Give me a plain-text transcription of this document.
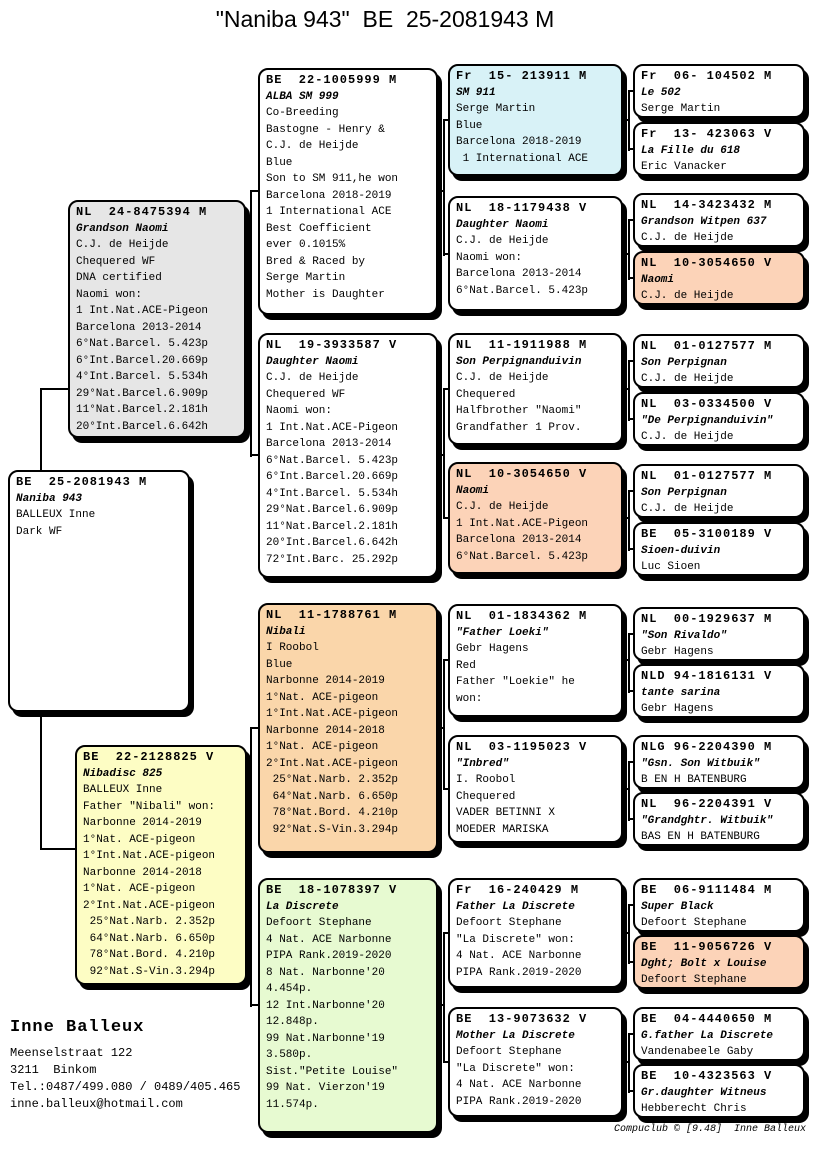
"Naniba 943"  BE  25-2081943 M
BE  25-2081943 M
Naniba 943
BALLEUX Inne
Dark WF
NL  24-8475394 M
Grandson Naomi
C.J. de Heijde
Chequered WF
DNA certified
Naomi won:
1 Int.Nat.ACE-Pigeon
Barcelona 2013-2014
6°Nat.Barcel. 5.423p
6°Int.Barcel.20.669p
4°Int.Barcel. 5.534h
29°Nat.Barcel.6.909p
11°Nat.Barcel.2.181h
20°Int.Barcel.6.642h
BE  22-2128825 V
Nibadisc 825
BALLEUX Inne
Father "Nibali" won:
Narbonne 2014-2019
1°Nat. ACE-pigeon
1°Int.Nat.ACE-pigeon
Narbonne 2014-2018
1°Nat. ACE-pigeon
2°Int.Nat.ACE-pigeon
25°Nat.Narb. 2.352p
64°Nat.Narb. 6.650p
78°Nat.Bord. 4.210p
92°Nat.S-Vin.3.294p
BE  22-1005999 M
ALBA SM 999
Co-Breeding
Bastogne - Henry &
C.J. de Heijde
Blue
Son to SM 911,he won
Barcelona 2018-2019
1 International ACE
Best Coefficient
ever 0.1015%
Bred & Raced by
Serge Martin
Mother is Daughter
NL  19-3933587 V
Daughter Naomi
C.J. de Heijde
Chequered WF
Naomi won:
1 Int.Nat.ACE-Pigeon
Barcelona 2013-2014
6°Nat.Barcel. 5.423p
6°Int.Barcel.20.669p
4°Int.Barcel. 5.534h
29°Nat.Barcel.6.909p
11°Nat.Barcel.2.181h
20°Int.Barcel.6.642h
72°Int.Barc. 25.292p
NL  11-1788761 M
Nibali
I Roobol
Blue
Narbonne 2014-2019
1°Nat. ACE-pigeon
1°Int.Nat.ACE-pigeon
Narbonne 2014-2018
1°Nat. ACE-pigeon
2°Int.Nat.ACE-pigeon
25°Nat.Narb. 2.352p
64°Nat.Narb. 6.650p
78°Nat.Bord. 4.210p
92°Nat.S-Vin.3.294p
BE  18-1078397 V
La Discrete
Defoort Stephane
4 Nat. ACE Narbonne
PIPA Rank.2019-2020
8 Nat. Narbonne'20
4.454p.
12 Int.Narbonne'20
12.848p.
99 Nat.Narbonne'19
3.580p.
Sist."Petite Louise"
99 Nat. Vierzon'19
11.574p.
Fr  15- 213911 M
SM 911
Serge Martin
Blue
Barcelona 2018-2019
1 International ACE
NL  18-1179438 V
Daughter Naomi
C.J. de Heijde
Naomi won:
Barcelona 2013-2014
6°Nat.Barcel. 5.423p
NL  11-1911988 M
Son Perpignanduivin
C.J. de Heijde
Chequered
Halfbrother "Naomi"
Grandfather 1 Prov.
NL  10-3054650 V
Naomi
C.J. de Heijde
1 Int.Nat.ACE-Pigeon
Barcelona 2013-2014
6°Nat.Barcel. 5.423p
NL  01-1834362 M
"Father Loeki"
Gebr Hagens
Red
Father "Loekie" he
won:
NL  03-1195023 V
"Inbred"
I. Roobol
Chequered
VADER BETINNI X
MOEDER MARISKA
Fr  16-240429 M
Father La Discrete
Defoort Stephane
"La Discrete" won:
4 Nat. ACE Narbonne
PIPA Rank.2019-2020
BE  13-9073632 V
Mother La Discrete
Defoort Stephane
"La Discrete" won:
4 Nat. ACE Narbonne
PIPA Rank.2019-2020
Fr  06- 104502 M
Le 502
Serge Martin
Fr  13- 423063 V
La Fille du 618
Eric Vanacker
NL  14-3423432 M
Grandson Witpen 637
C.J. de Heijde
NL  10-3054650 V
Naomi
C.J. de Heijde
NL  01-0127577 M
Son Perpignan
C.J. de Heijde
NL  03-0334500 V
"De Perpignanduivin"
C.J. de Heijde
NL  01-0127577 M
Son Perpignan
C.J. de Heijde
BE  05-3100189 V
Sioen-duivin
Luc Sioen
NL  00-1929637 M
"Son Rivaldo"
Gebr Hagens
NLD 94-1816131 V
tante sarina
Gebr Hagens
NLG 96-2204390 M
"Gsn. Son Witbuik"
B EN H BATENBURG
NL  96-2204391 V
"Grandghtr. Witbuik"
BAS EN H BATENBURG
BE  06-9111484 M
Super Black
Defoort Stephane
BE  11-9056726 V
Dght; Bolt x Louise
Defoort Stephane
BE  04-4440650 M
G.father La Discrete
Vandenabeele Gaby
BE  10-4323563 V
Gr.daughter Witneus
Hebberecht Chris
Inne Balleux
Meenselstraat 122
3211  Binkom
Tel.:0487/499.080 / 0489/405.465
inne.balleux@hotmail.com
Compuclub © [9.48]  Inne Balleux
